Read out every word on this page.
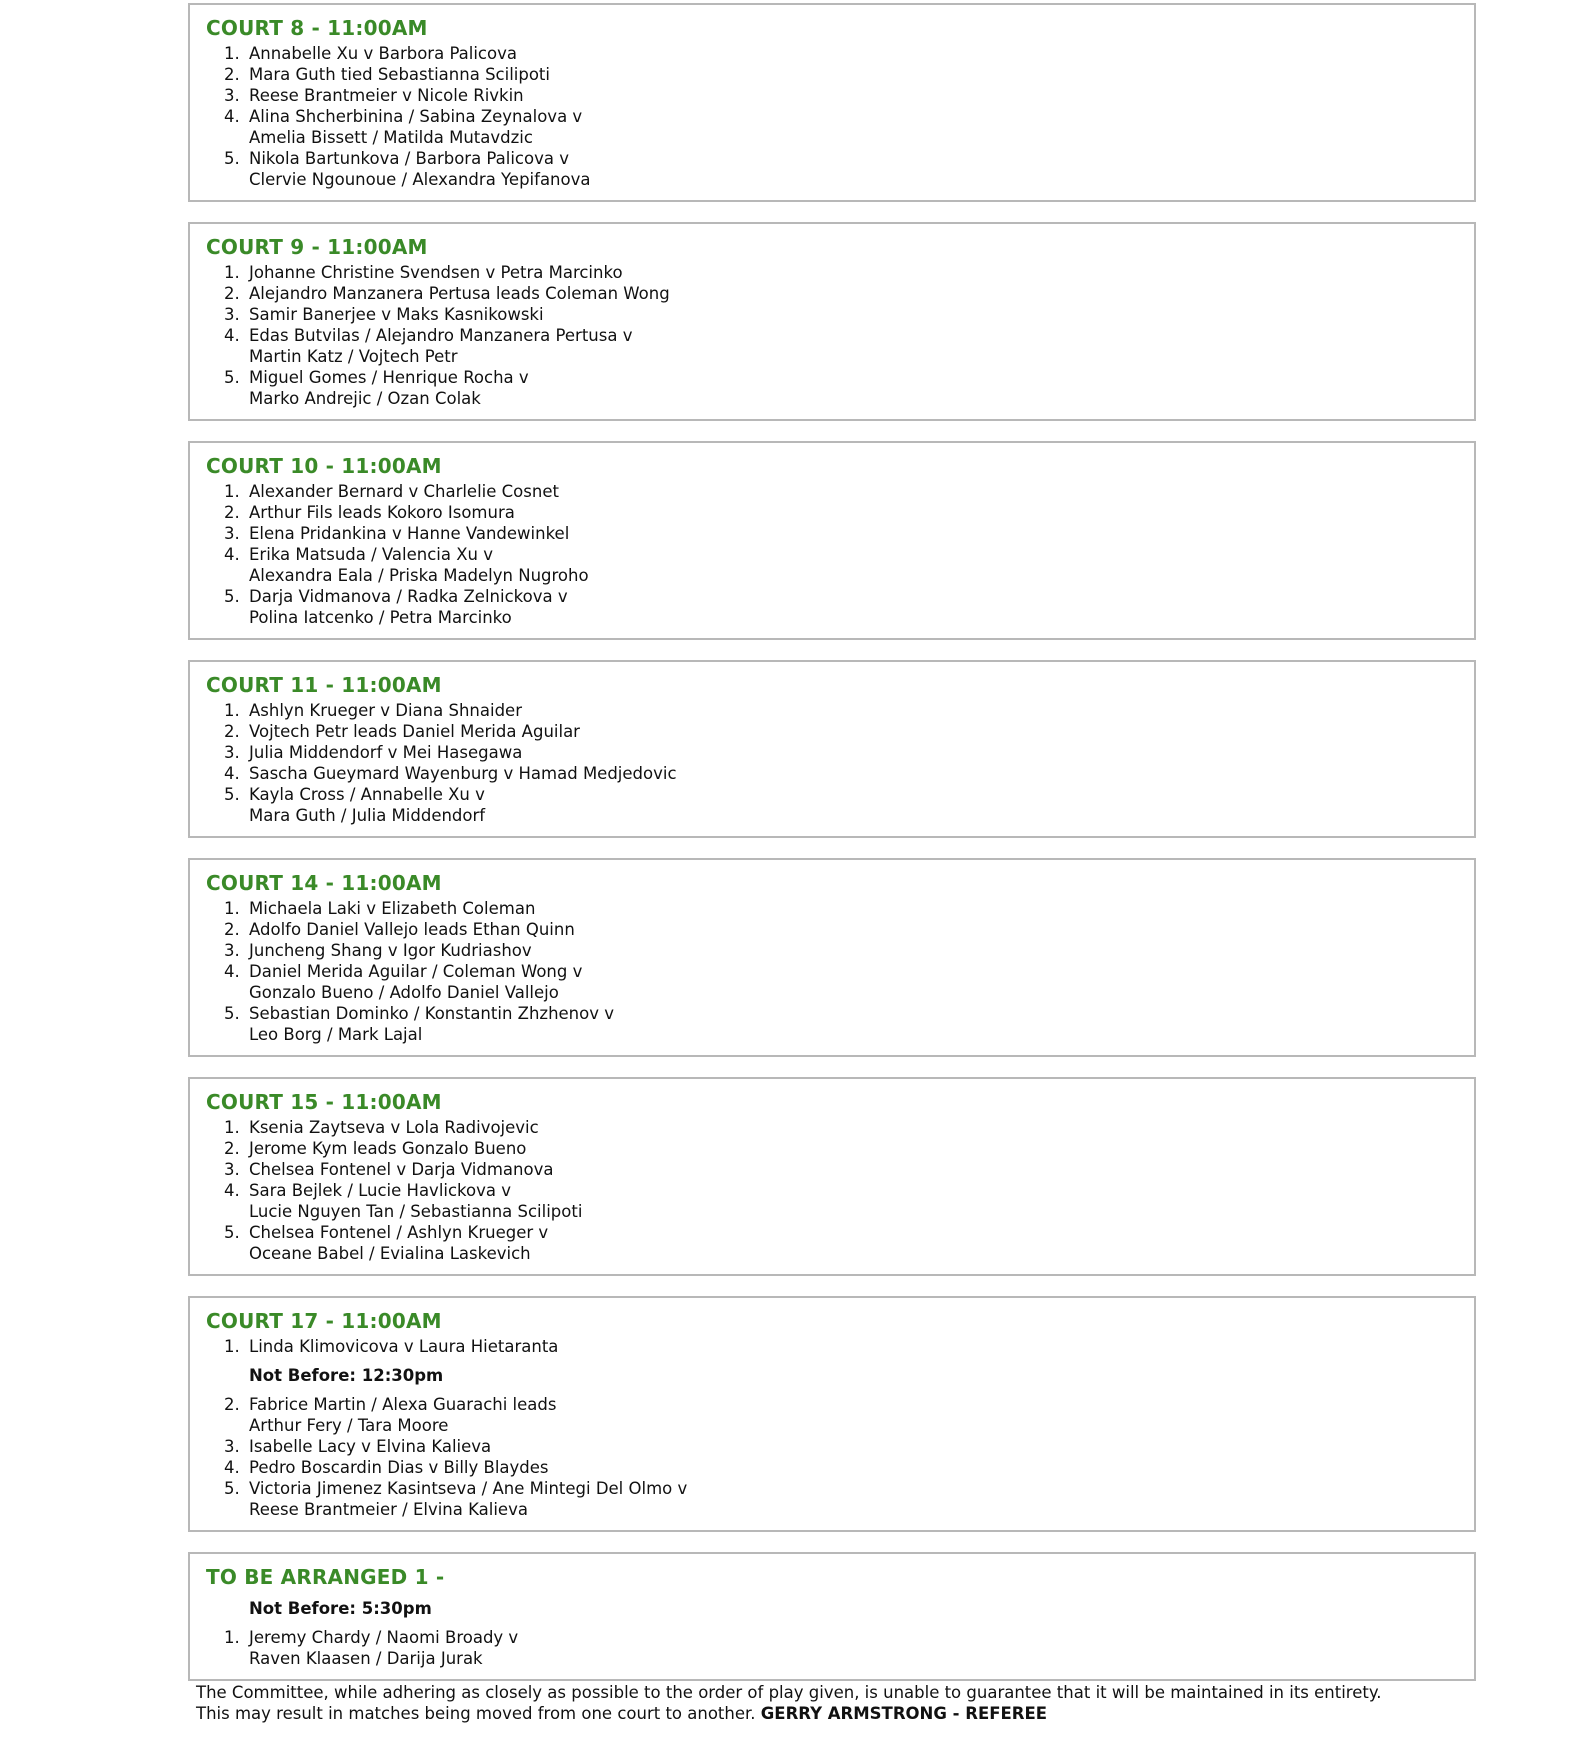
COURT 8 - 11:00AM
1. Annabelle Xu v Barbora Palicova
2. Mara Guth tied Sebastianna Scilipoti
3. Reese Brantmeier v Nicole Rivkin
4. Alina Shcherbinina / Sabina Zeynalova v
Amelia Bissett / Matilda Mutavdzic
5. Nikola Bartunkova / Barbora Palicova v
Clervie Ngounoue / Alexandra Yepifanova
COURT 9 - 11:00AM
1. Johanne Christine Svendsen v Petra Marcinko
2. Alejandro Manzanera Pertusa leads Coleman Wong
3. Samir Banerjee v Maks Kasnikowski
4. Edas Butvilas / Alejandro Manzanera Pertusa v
Martin Katz / Vojtech Petr
5. Miguel Gomes / Henrique Rocha v
Marko Andrejic / Ozan Colak
COURT 10 - 11:00AM
1. Alexander Bernard v Charlelie Cosnet
2. Arthur Fils leads Kokoro Isomura
3. Elena Pridankina v Hanne Vandewinkel
4. Erika Matsuda / Valencia Xu v
Alexandra Eala / Priska Madelyn Nugroho
5. Darja Vidmanova / Radka Zelnickova v
Polina Iatcenko / Petra Marcinko
COURT 11 - 11:00AM
1. Ashlyn Krueger v Diana Shnaider
2. Vojtech Petr leads Daniel Merida Aguilar
3. Julia Middendorf v Mei Hasegawa
4. Sascha Gueymard Wayenburg v Hamad Medjedovic
5. Kayla Cross / Annabelle Xu v
Mara Guth / Julia Middendorf
COURT 14 - 11:00AM
1. Michaela Laki v Elizabeth Coleman
2. Adolfo Daniel Vallejo leads Ethan Quinn
3. Juncheng Shang v Igor Kudriashov
4. Daniel Merida Aguilar / Coleman Wong v
Gonzalo Bueno / Adolfo Daniel Vallejo
5. Sebastian Dominko / Konstantin Zhzhenov v
Leo Borg / Mark Lajal
COURT 15 - 11:00AM
1. Ksenia Zaytseva v Lola Radivojevic
2. Jerome Kym leads Gonzalo Bueno
3. Chelsea Fontenel v Darja Vidmanova
4. Sara Bejlek / Lucie Havlickova v
Lucie Nguyen Tan / Sebastianna Scilipoti
5. Chelsea Fontenel / Ashlyn Krueger v
Oceane Babel / Evialina Laskevich
COURT 17 - 11:00AM
1. Linda Klimovicova v Laura Hietaranta
Not Before: 12:30pm
2. Fabrice Martin / Alexa Guarachi leads
Arthur Fery / Tara Moore
3. Isabelle Lacy v Elvina Kalieva
4. Pedro Boscardin Dias v Billy Blaydes
5. Victoria Jimenez Kasintseva / Ane Mintegi Del Olmo v
Reese Brantmeier / Elvina Kalieva
TO BE ARRANGED 1 -
Not Before: 5:30pm
1. Jeremy Chardy / Naomi Broady v
Raven Klaasen / Darija Jurak
The Committee, while adhering as closely as possible to the order of play given, is unable to guarantee that it will be maintained in its entirety.
This may result in matches being moved from one court to another. GERRY ARMSTRONG - REFEREE
